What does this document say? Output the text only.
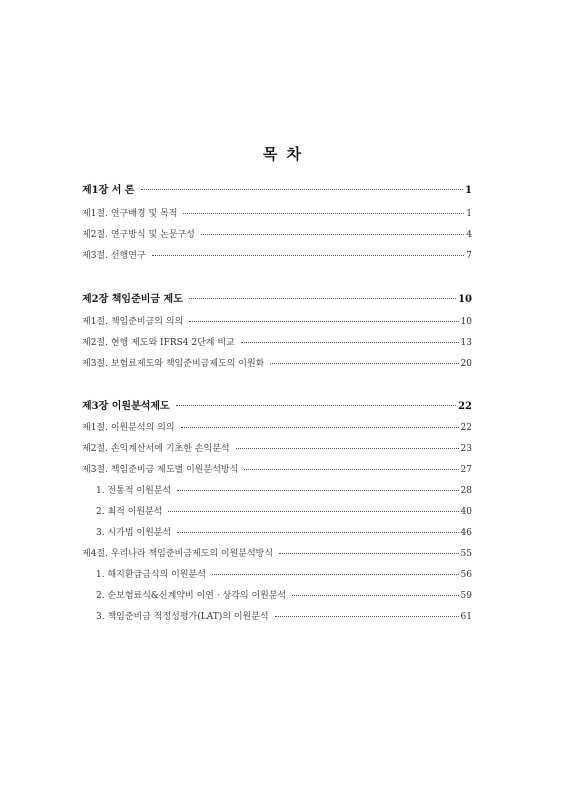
목 차
제1장 서 론	1
제1절. 연구배경 및 목적	1
제2절. 연구방식 및 논문구성	4
제3절. 선행연구	7
제2장 책임준비금 제도	10
제1절. 책임준비금의 의의	10
제2절. 현행 제도와 IFRS4 2단계 비교	13
제3절. 보험료제도와 책임준비금제도의 이원화	20
제3장 이원분석제도	22
제1절. 이원분석의 의의	22
제2절. 손익계산서에 기초한 손익분석	23
제3절. 책임준비금 제도별 이원분석방식	27
1. 전통적 이원분석	28
2. 최적 이원분석	40
3. 시가법 이원분석	46
제4절. 우리나라 책임준비금제도의 이원분석방식	55
1. 해지환급금식의 이원분석	56
2. 순보험료식&신계약비 이연 · 상각의 이원분석	59
3. 책임준비금 적정성평가(LAT)의 이원분석	61
